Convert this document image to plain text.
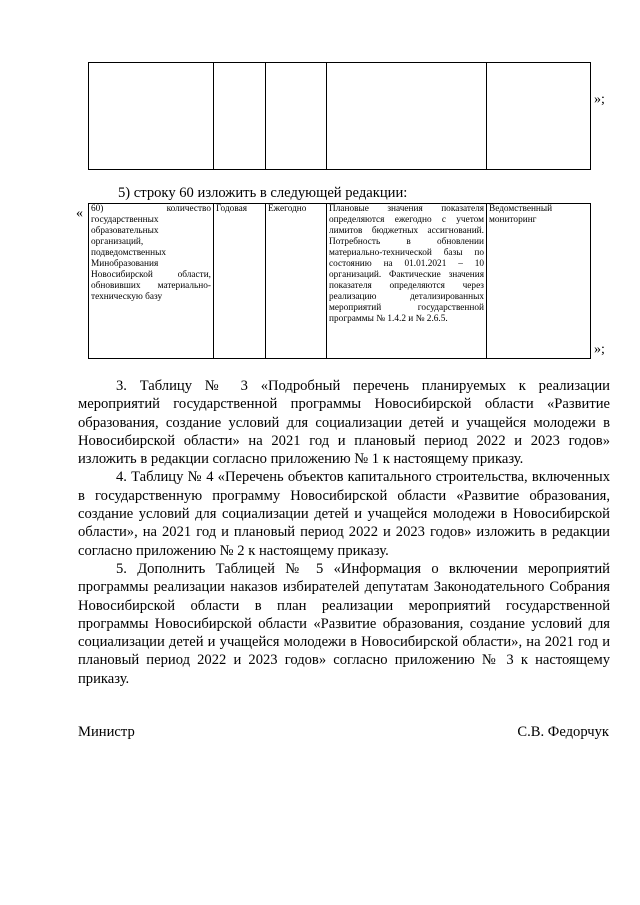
»;
5) строку 60 изложить в следующей редакции:
« 60) количество государственных образовательных организаций, подведомственных Минобразования Новосибирской области, обновивших материально-техническую базу	Годовая	Ежегодно	Плановые значения показателя определяются ежегодно с учетом лимитов бюджетных ассигнований. Потребность в обновлении материально-технической базы по состоянию на 01.01.2021 – 10 организаций. Фактические значения показателя определяются через реализацию детализированных мероприятий государственной программы № 1.4.2 и № 2.6.5.	Ведомственный мониторинг
»;

3. Таблицу № 3 «Подробный перечень планируемых к реализации мероприятий государственной программы Новосибирской области «Развитие образования, создание условий для социализации детей и учащейся молодежи в Новосибирской области» на 2021 год и плановый период 2022 и 2023 годов» изложить в редакции согласно приложению № 1 к настоящему приказу.

4. Таблицу № 4 «Перечень объектов капитального строительства, включенных в государственную программу Новосибирской области «Развитие образования, создание условий для социализации детей и учащейся молодежи в Новосибирской области», на 2021 год и плановый период 2022 и 2023 годов» изложить в редакции согласно приложению № 2 к настоящему приказу.

5. Дополнить Таблицей № 5 «Информация о включении мероприятий программы реализации наказов избирателей депутатам Законодательного Собрания Новосибирской области в план реализации мероприятий государственной программы Новосибирской области «Развитие образования, создание условий для социализации детей и учащейся молодежи в Новосибирской области», на 2021 год и плановый период 2022 и 2023 годов» согласно приложению № 3 к настоящему приказу.

Министр	С.В. Федорчук
